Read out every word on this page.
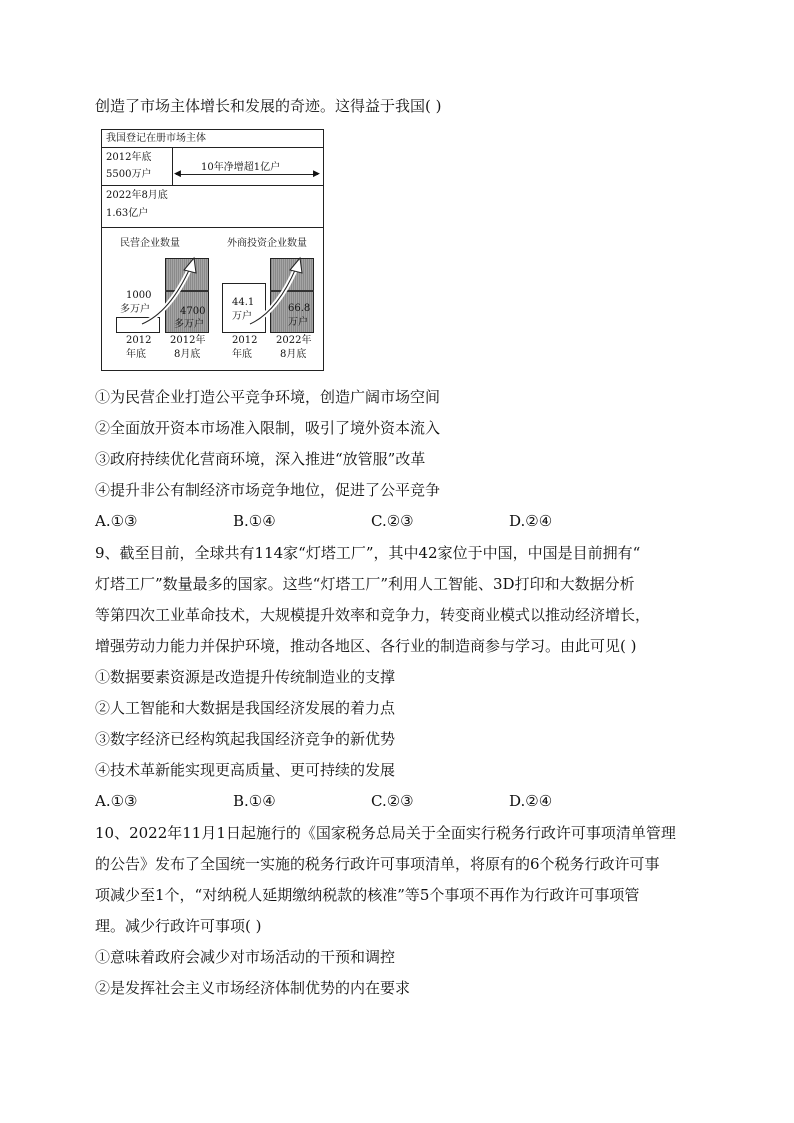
创造了市场主体增长和发展的奇迹。这得益于我国( )
我国登记在册市场主体
2012年底
5500万户	◀	▶
10年净增超1亿户
2022年8月底
1.63亿户
民营企业数量	外商投资企业数量
1000
多万户	4700
多万户
44.1
万户
66.8
万户
2012
年底
2012年
8月底
2012
年底
2022年
8月底
①为民营企业打造公平竞争环境，创造广阔市场空间
②全面放开资本市场准入限制，吸引了境外资本流入
③政府持续优化营商环境，深入推进“放管服”改革
④提升非公有制经济市场竞争地位，促进了公平竞争
A.①③	B.①④	C.②③	D.②④
9、截至目前，全球共有114家“灯塔工厂”，其中42家位于中国，中国是目前拥有“
灯塔工厂”数量最多的国家。这些“灯塔工厂”利用人工智能、3D打印和大数据分析
等第四次工业革命技术，大规模提升效率和竞争力，转变商业模式以推动经济增长，
增强劳动力能力并保护环境，推动各地区、各行业的制造商参与学习。由此可见( )
①数据要素资源是改造提升传统制造业的支撑
②人工智能和大数据是我国经济发展的着力点
③数字经济已经构筑起我国经济竞争的新优势
④技术革新能实现更高质量、更可持续的发展
A.①③	B.①④	C.②③	D.②④
10、2022年11月1日起施行的《国家税务总局关于全面实行税务行政许可事项清单管理
的公告》发布了全国统一实施的税务行政许可事项清单，将原有的6个税务行政许可事
项减少至1个，“对纳税人延期缴纳税款的核准”等5个事项不再作为行政许可事项管
理。减少行政许可事项( )
①意味着政府会减少对市场活动的干预和调控
②是发挥社会主义市场经济体制优势的内在要求
